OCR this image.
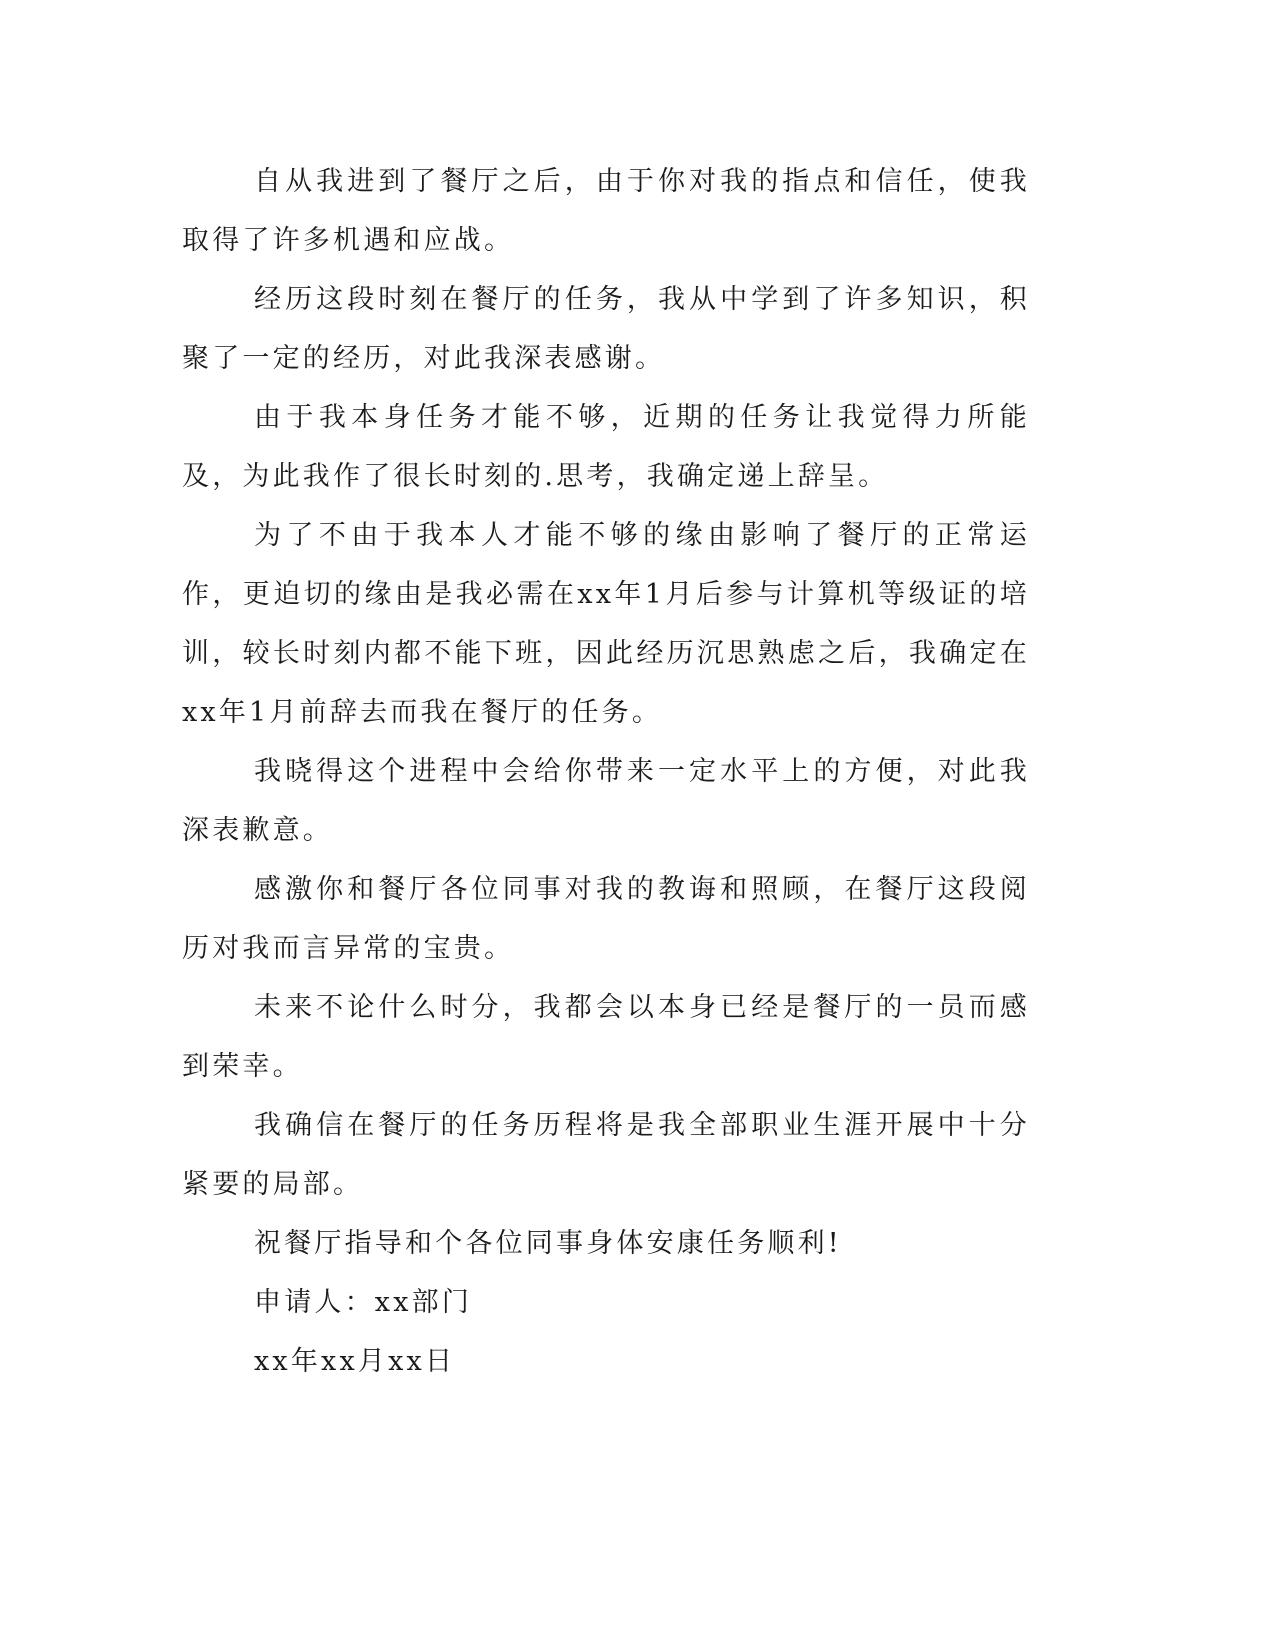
自从我进到了餐厅之后，由于你对我的指点和信任，使我取得了许多机遇和应战。

经历这段时刻在餐厅的任务，我从中学到了许多知识，积聚了一定的经历，对此我深表感谢。

由于我本身任务才能不够，近期的任务让我觉得力所能及，为此我作了很长时刻的.思考，我确定递上辞呈。

为了不由于我本人才能不够的缘由影响了餐厅的正常运作，更迫切的缘由是我必需在xx年1月后参与计算机等级证的培训，较长时刻内都不能下班，因此经历沉思熟虑之后，我确定在xx年1月前辞去而我在餐厅的任务。

我晓得这个进程中会给你带来一定水平上的方便，对此我深表歉意。

感激你和餐厅各位同事对我的教诲和照顾，在餐厅这段阅历对我而言异常的宝贵。

未来不论什么时分，我都会以本身已经是餐厅的一员而感到荣幸。

我确信在餐厅的任务历程将是我全部职业生涯开展中十分紧要的局部。

祝餐厅指导和个各位同事身体安康任务顺利!

申请人：xx部门

xx年xx月xx日
